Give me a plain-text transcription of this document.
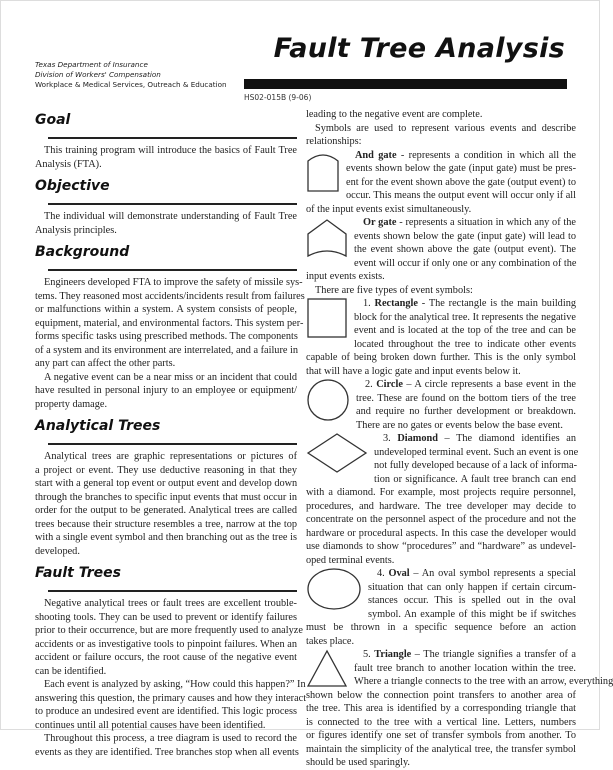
Texas Department of Insurance
Division of Workers' Compensation
Workplace & Medical Services, Outreach & Education
Fault Tree Analysis
HS02-015B (9-06)
Goal
This training program will introduce the basics of Fault Tree
Analysis (FTA).
Objective
The individual will demonstrate understanding of Fault Tree
Analysis principles.
Background
Engineers developed FTA to improve the safety of missile sys-
tems. They reasoned most accidents/incidents result from failures
or malfunctions within a system. A system consists of people,
equipment, material, and environmental factors. This system per-
forms specific tasks using prescribed methods. The components
of a system and its environment are interrelated, and a failure in
any part can affect the other parts.
A negative event can be a near miss or an incident that could
have resulted in personal injury to an employee or equipment/
property damage.
Analytical Trees
Analytical trees are graphic representations or pictures of
a project or event. They use deductive reasoning in that they
start with a general top event or output event and develop down
through the branches to specific input events that must occur in
order for the output to be generated. Analytical trees are called
trees because their structure resembles a tree, narrow at the top
with a single event symbol and then branching out as the tree is
developed.
Fault Trees
Negative analytical trees or fault trees are excellent trouble-
shooting tools. They can be used to prevent or identify failures
prior to their occurrence, but are more frequently used to analyze
accidents or as investigative tools to pinpoint failures. When an
accident or failure occurs, the root cause of the negative event
can be identified.
Each event is analyzed by asking, “How could this happen?” In
answering this question, the primary causes and how they interact
to produce an undesired event are identified. This logic process
continues until all potential causes have been identified.
Throughout this process, a tree diagram is used to record the
events as they are identified. Tree branches stop when all events
leading to the negative event are complete.
Symbols are used to represent various events and describe
relationships:
And gate - represents a condition in which all the
events shown below the gate (input gate) must be pres-
ent for the event shown above the gate (output event) to
occur. This means the output event will occur only if all
of the input events exist simultaneously.
Or gate - represents a situation in which any of the
events shown below the gate (input gate) will lead to
the event shown above the gate (output event). The
event will occur if only one or any combination of the
input events exists.
There are five types of event symbols:
1. Rectangle - The rectangle is the main building
block for the analytical tree. It represents the negative
event and is located at the top of the tree and can be
located throughout the tree to indicate other events
capable of being broken down further. This is the only symbol
that will have a logic gate and input events below it.
2. Circle – A circle represents a base event in the
tree. These are found on the bottom tiers of the tree
and require no further development or breakdown.
There are no gates or events below the base event.
3. Diamond – The diamond identifies an
undeveloped terminal event. Such an event is one
not fully developed because of a lack of informa-
tion or significance. A fault tree branch can end
with a diamond. For example, most projects require personnel,
procedures, and hardware. The tree developer may decide to
concentrate on the personnel aspect of the procedure and not the
hardware or procedural aspects. In this case the developer would
use diamonds to show “procedures” and “hardware” as undevel-
oped terminal events.
4. Oval – An oval symbol represents a special
situation that can only happen if certain circum-
stances occur. This is spelled out in the oval
symbol. An example of this might be if switches
must be thrown in a specific sequence before an action
takes place.
5. Triangle – The triangle signifies a transfer of a
fault tree branch to another location within the tree.
Where a triangle connects to the tree with an arrow, everything
shown below the connection point transfers to another area of
the tree. This area is identified by a corresponding triangle that
is connected to the tree with a vertical line. Letters, numbers
or figures identify one set of transfer symbols from another. To
maintain the simplicity of the analytical tree, the transfer symbol
should be used sparingly.
